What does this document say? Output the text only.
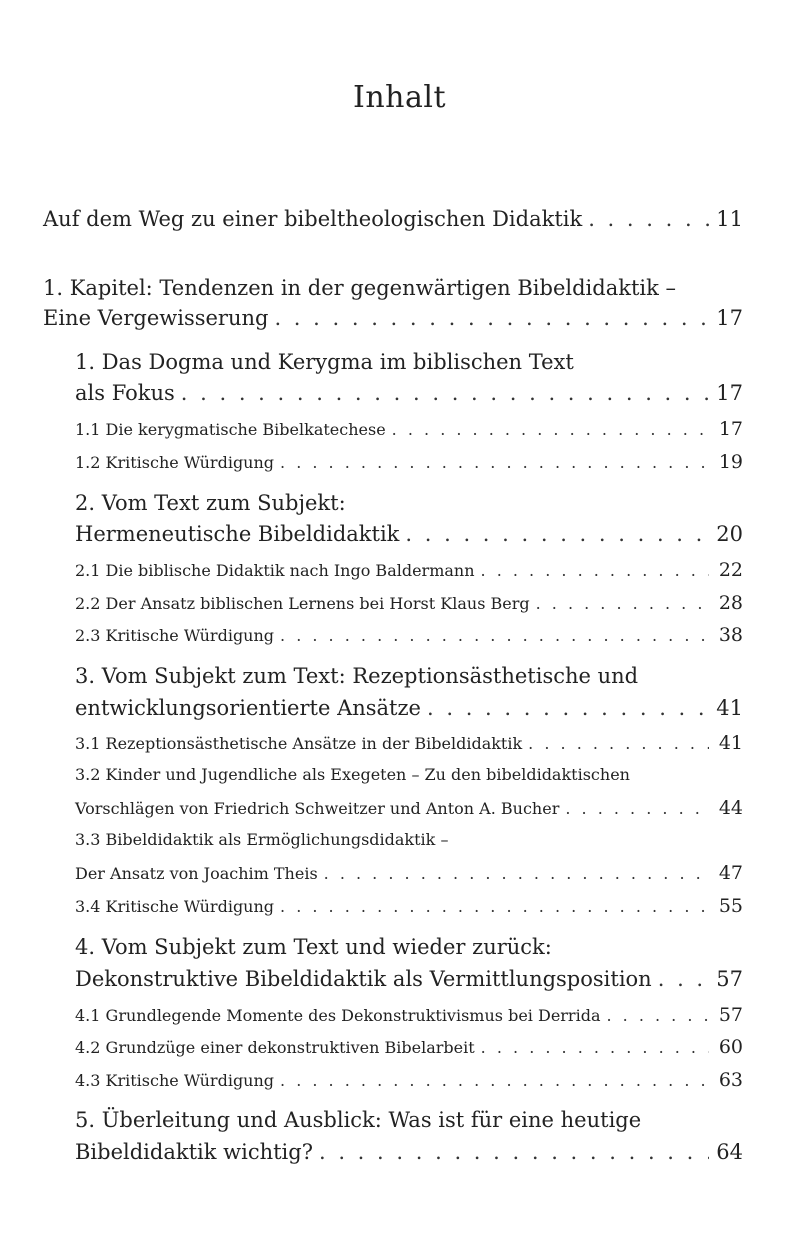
Inhalt
Auf dem Weg zu einer bibeltheologischen Didaktik . . .	11
1. Kapitel: Tendenzen in der gegenwärtigen Bibeldidaktik –
Eine Vergewisserung . . .	17
1. Das Dogma und Kerygma im biblischen Text
als Fokus . . .	17
1.1 Die kerygmatische Bibelkatechese . . .	17
1.2 Kritische Würdigung . . .	19
2. Vom Text zum Subjekt:
Hermeneutische Bibeldidaktik . . .	20
2.1 Die biblische Didaktik nach Ingo Baldermann . . .	22
2.2 Der Ansatz biblischen Lernens bei Horst Klaus Berg . . .	28
2.3 Kritische Würdigung . . .	38
3. Vom Subjekt zum Text: Rezeptionsästhetische und
entwicklungsorientierte Ansätze . . .	41
3.1 Rezeptionsästhetische Ansätze in der Bibeldidaktik . . .	41
3.2 Kinder und Jugendliche als Exegeten – Zu den bibeldidaktischen
Vorschlägen von Friedrich Schweitzer und Anton A. Bucher . . .	44
3.3 Bibeldidaktik als Ermöglichungsdidaktik –
Der Ansatz von Joachim Theis . . .	47
3.4 Kritische Würdigung . . .	55
4. Vom Subjekt zum Text und wieder zurück:
Dekonstruktive Bibeldidaktik als Vermittlungsposition . . .	57
4.1 Grundlegende Momente des Dekonstruktivismus bei Derrida . . .	57
4.2 Grundzüge einer dekonstruktiven Bibelarbeit . . .	60
4.3 Kritische Würdigung . . .	63
5. Überleitung und Ausblick: Was ist für eine heutige
Bibeldidaktik wichtig? . . .	64
